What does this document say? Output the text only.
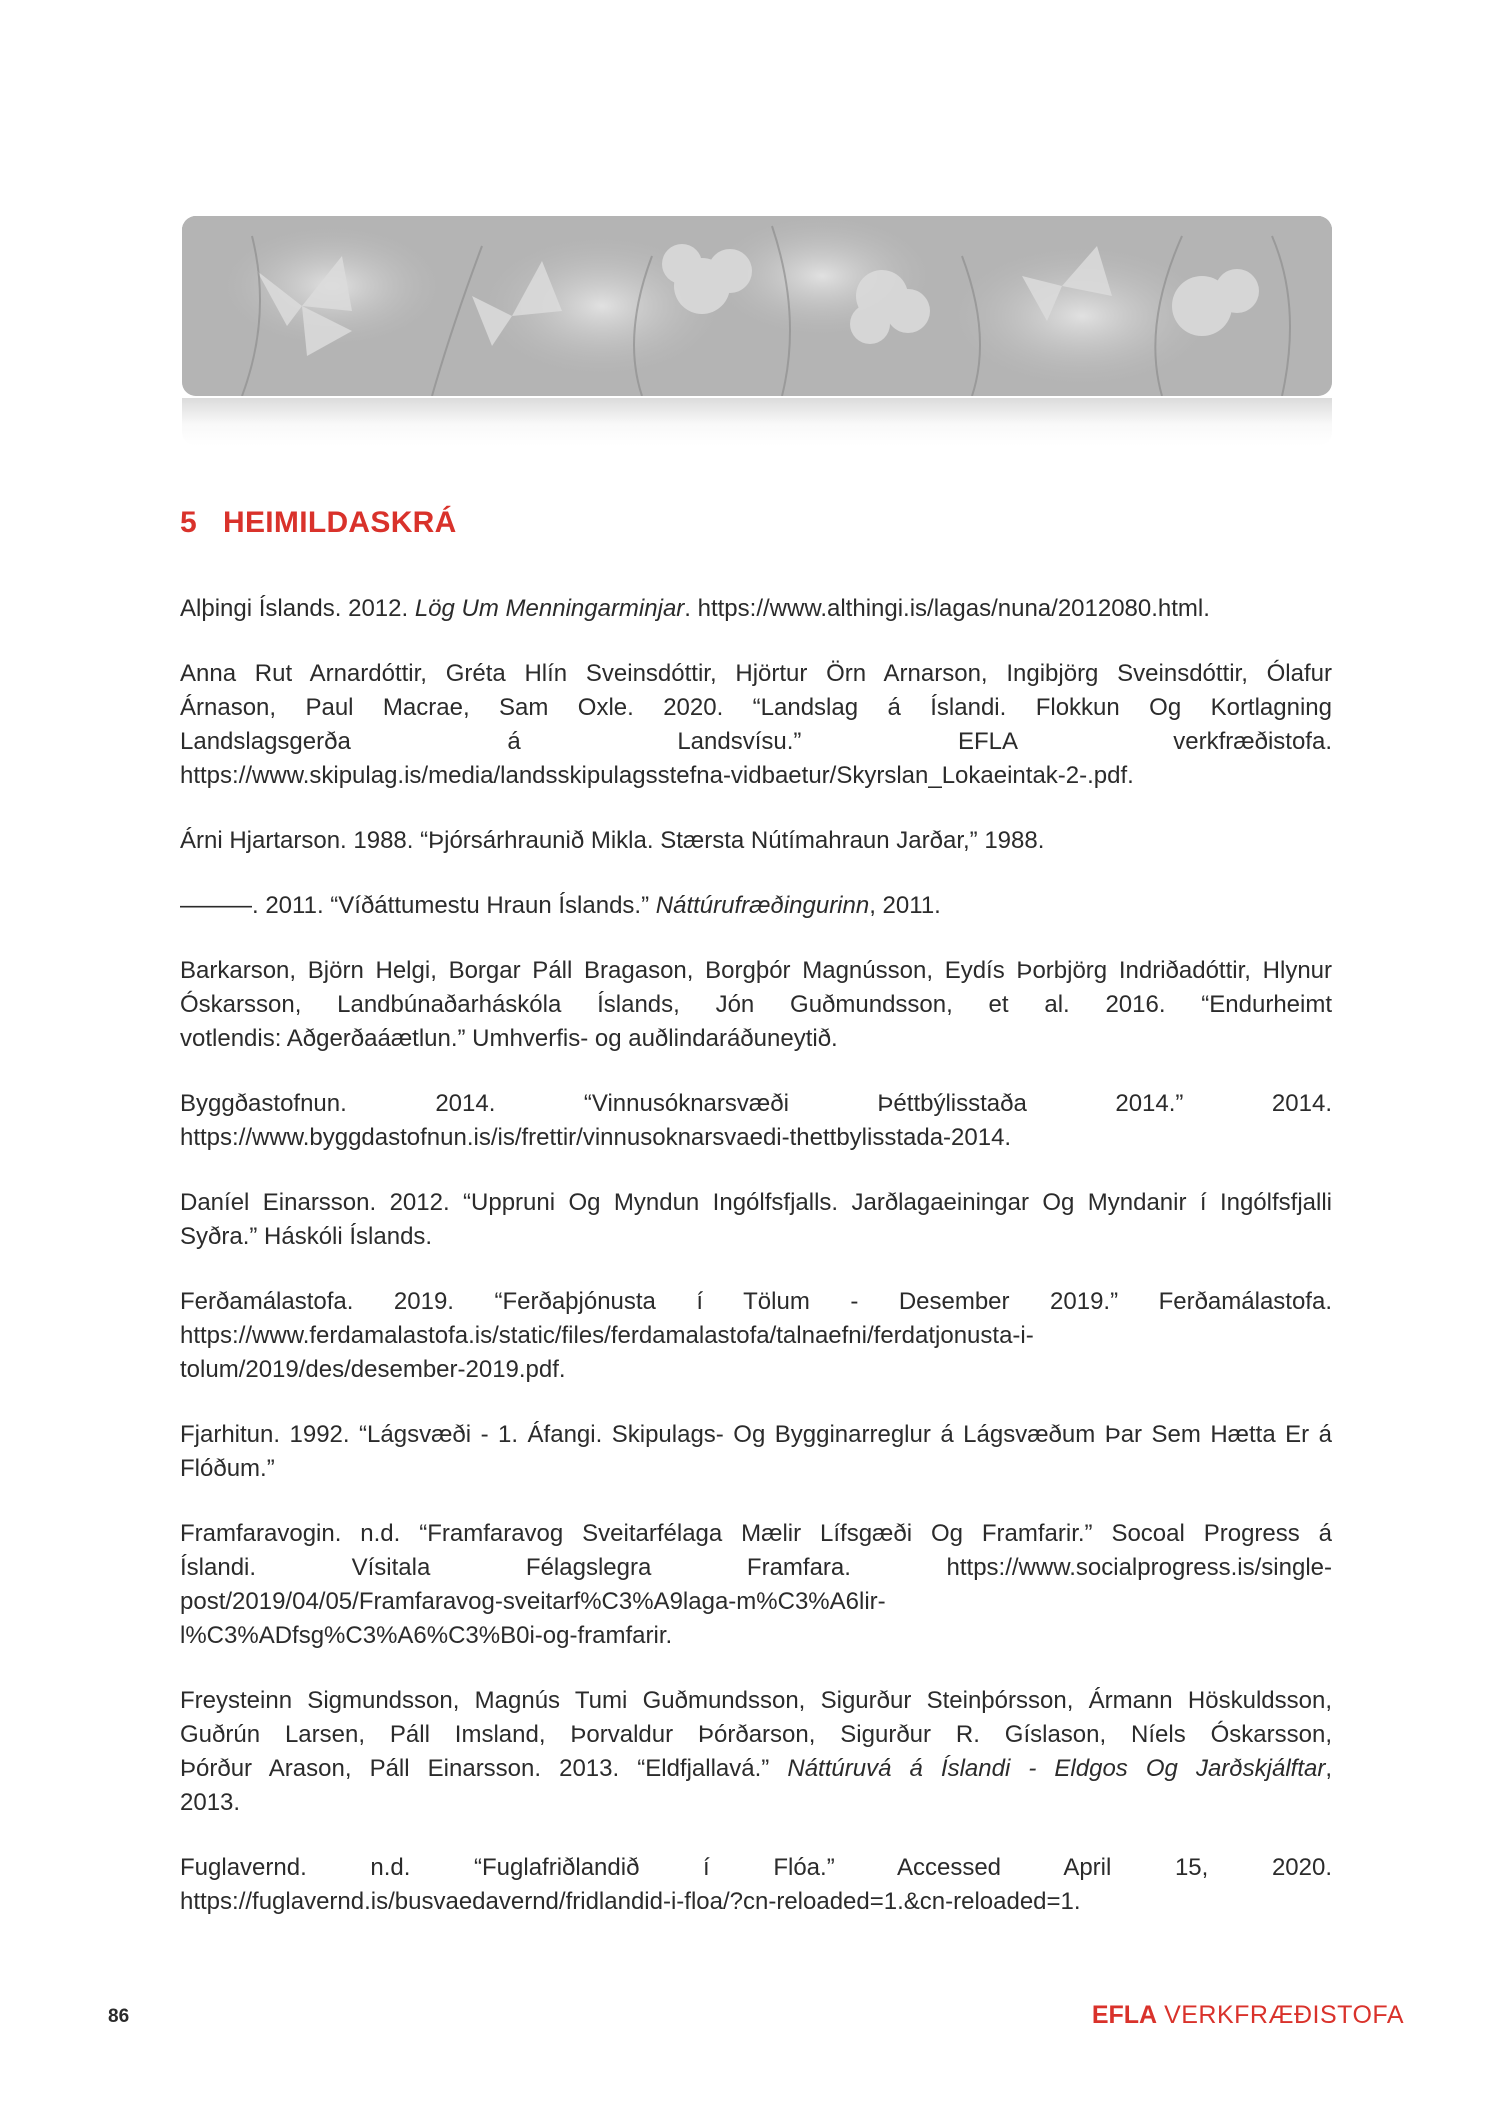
5 HEIMILDASKRÁ

Alþingi Íslands. 2012. Lög Um Menningarminjar. https://www.althingi.is/lagas/nuna/2012080.html.

Anna Rut Arnardóttir, Gréta Hlín Sveinsdóttir, Hjörtur Örn Arnarson, Ingibjörg Sveinsdóttir, Ólafur
Árnason, Paul Macrae, Sam Oxle. 2020. “Landslag á Íslandi. Flokkun Og Kortlagning
Landslagsgerða á Landsvísu.” EFLA verkfræðistofa.
https://www.skipulag.is/media/landsskipulagsstefna-vidbaetur/Skyrslan_Lokaeintak-2-.pdf.

Árni Hjartarson. 1988. “Þjórsárhraunið Mikla. Stærsta Nútímahraun Jarðar,” 1988.

———. 2011. “Víðáttumestu Hraun Íslands.” Náttúrufræðingurinn, 2011.

Barkarson, Björn Helgi, Borgar Páll Bragason, Borgþór Magnússon, Eydís Þorbjörg Indriðadóttir, Hlynur
Óskarsson, Landbúnaðarháskóla Íslands, Jón Guðmundsson, et al. 2016. “Endurheimt
votlendis: Aðgerðaáætlun.” Umhverfis- og auðlindaráðuneytið.

Byggðastofnun. 2014. “Vinnusóknarsvæði Þéttbýlisstaða 2014.” 2014.
https://www.byggdastofnun.is/is/frettir/vinnusoknarsvaedi-thettbylisstada-2014.

Daníel Einarsson. 2012. “Uppruni Og Myndun Ingólfsfjalls. Jarðlagaeiningar Og Myndanir í Ingólfsfjalli
Syðra.” Háskóli Íslands.

Ferðamálastofa. 2019. “Ferðaþjónusta í Tölum - Desember 2019.” Ferðamálastofa.
https://www.ferdamalastofa.is/static/files/ferdamalastofa/talnaefni/ferdatjonusta-i-
tolum/2019/des/desember-2019.pdf.

Fjarhitun. 1992. “Lágsvæði - 1. Áfangi. Skipulags- Og Bygginarreglur á Lágsvæðum Þar Sem Hætta Er á
Flóðum.”

Framfaravogin. n.d. “Framfaravog Sveitarfélaga Mælir Lífsgæði Og Framfarir.” Socoal Progress á
Íslandi. Vísitala Félagslegra Framfara. https://www.socialprogress.is/single-
post/2019/04/05/Framfaravog-sveitarf%C3%A9laga-m%C3%A6lir-
l%C3%ADfsg%C3%A6%C3%B0i-og-framfarir.

Freysteinn Sigmundsson, Magnús Tumi Guðmundsson, Sigurður Steinþórsson, Ármann Höskuldsson,
Guðrún Larsen, Páll Imsland, Þorvaldur Þórðarson, Sigurður R. Gíslason, Níels Óskarsson,
Þórður Arason, Páll Einarsson. 2013. “Eldfjallavá.” Náttúruvá á Íslandi - Eldgos Og Jarðskjálftar,
2013.

Fuglavernd. n.d. “Fuglafriðlandið í Flóa.” Accessed April 15, 2020.
https://fuglavernd.is/busvaedavernd/fridlandid-i-floa/?cn-reloaded=1.&cn-reloaded=1.

86	EFLA VERKFRÆÐISTOFA
